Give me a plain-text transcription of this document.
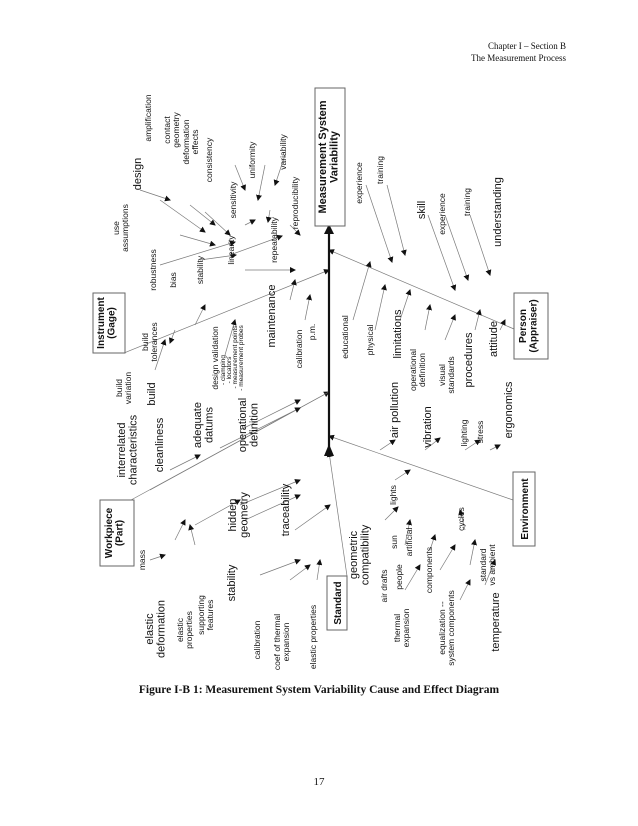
Chapter I – Section B
The Measurement Process
Measurement SystemVariability
Workpiece(Part)
Instrument(Gage)	Person(Appraiser)
Standard
Environment
amplification contactgeometry deformationeffects
design
useassumptions
consistency	uniformity variability
sensitivity	reproducibility
linearity	repeatability
robustness bias stability
experience training
skill experience training understanding
buildtolerances
buildvariation build
design validation - clamping - locators - measurement points - measurement probes
maintenance
calibration p.m.	educational physical limitations
operationaldefinition visualstandards procedures attitude
interrelatedcharacteristics cleanliness adequatedatums operationaldefinition	air pollution vibration	lighting stress ergonomics
mass
hiddengeometry
elasticdeformation elasticproperties supportingfeatures
traceability
stability
calibration coef of thermalexpansion elastic properties
geometriccompatibility
lights
sun artificial
air drafts people
cycles
components
thermalexpansion
standardvs ambient
equalization --system components	temperature
Figure I-B 1: Measurement System Variability Cause and Effect Diagram
17
